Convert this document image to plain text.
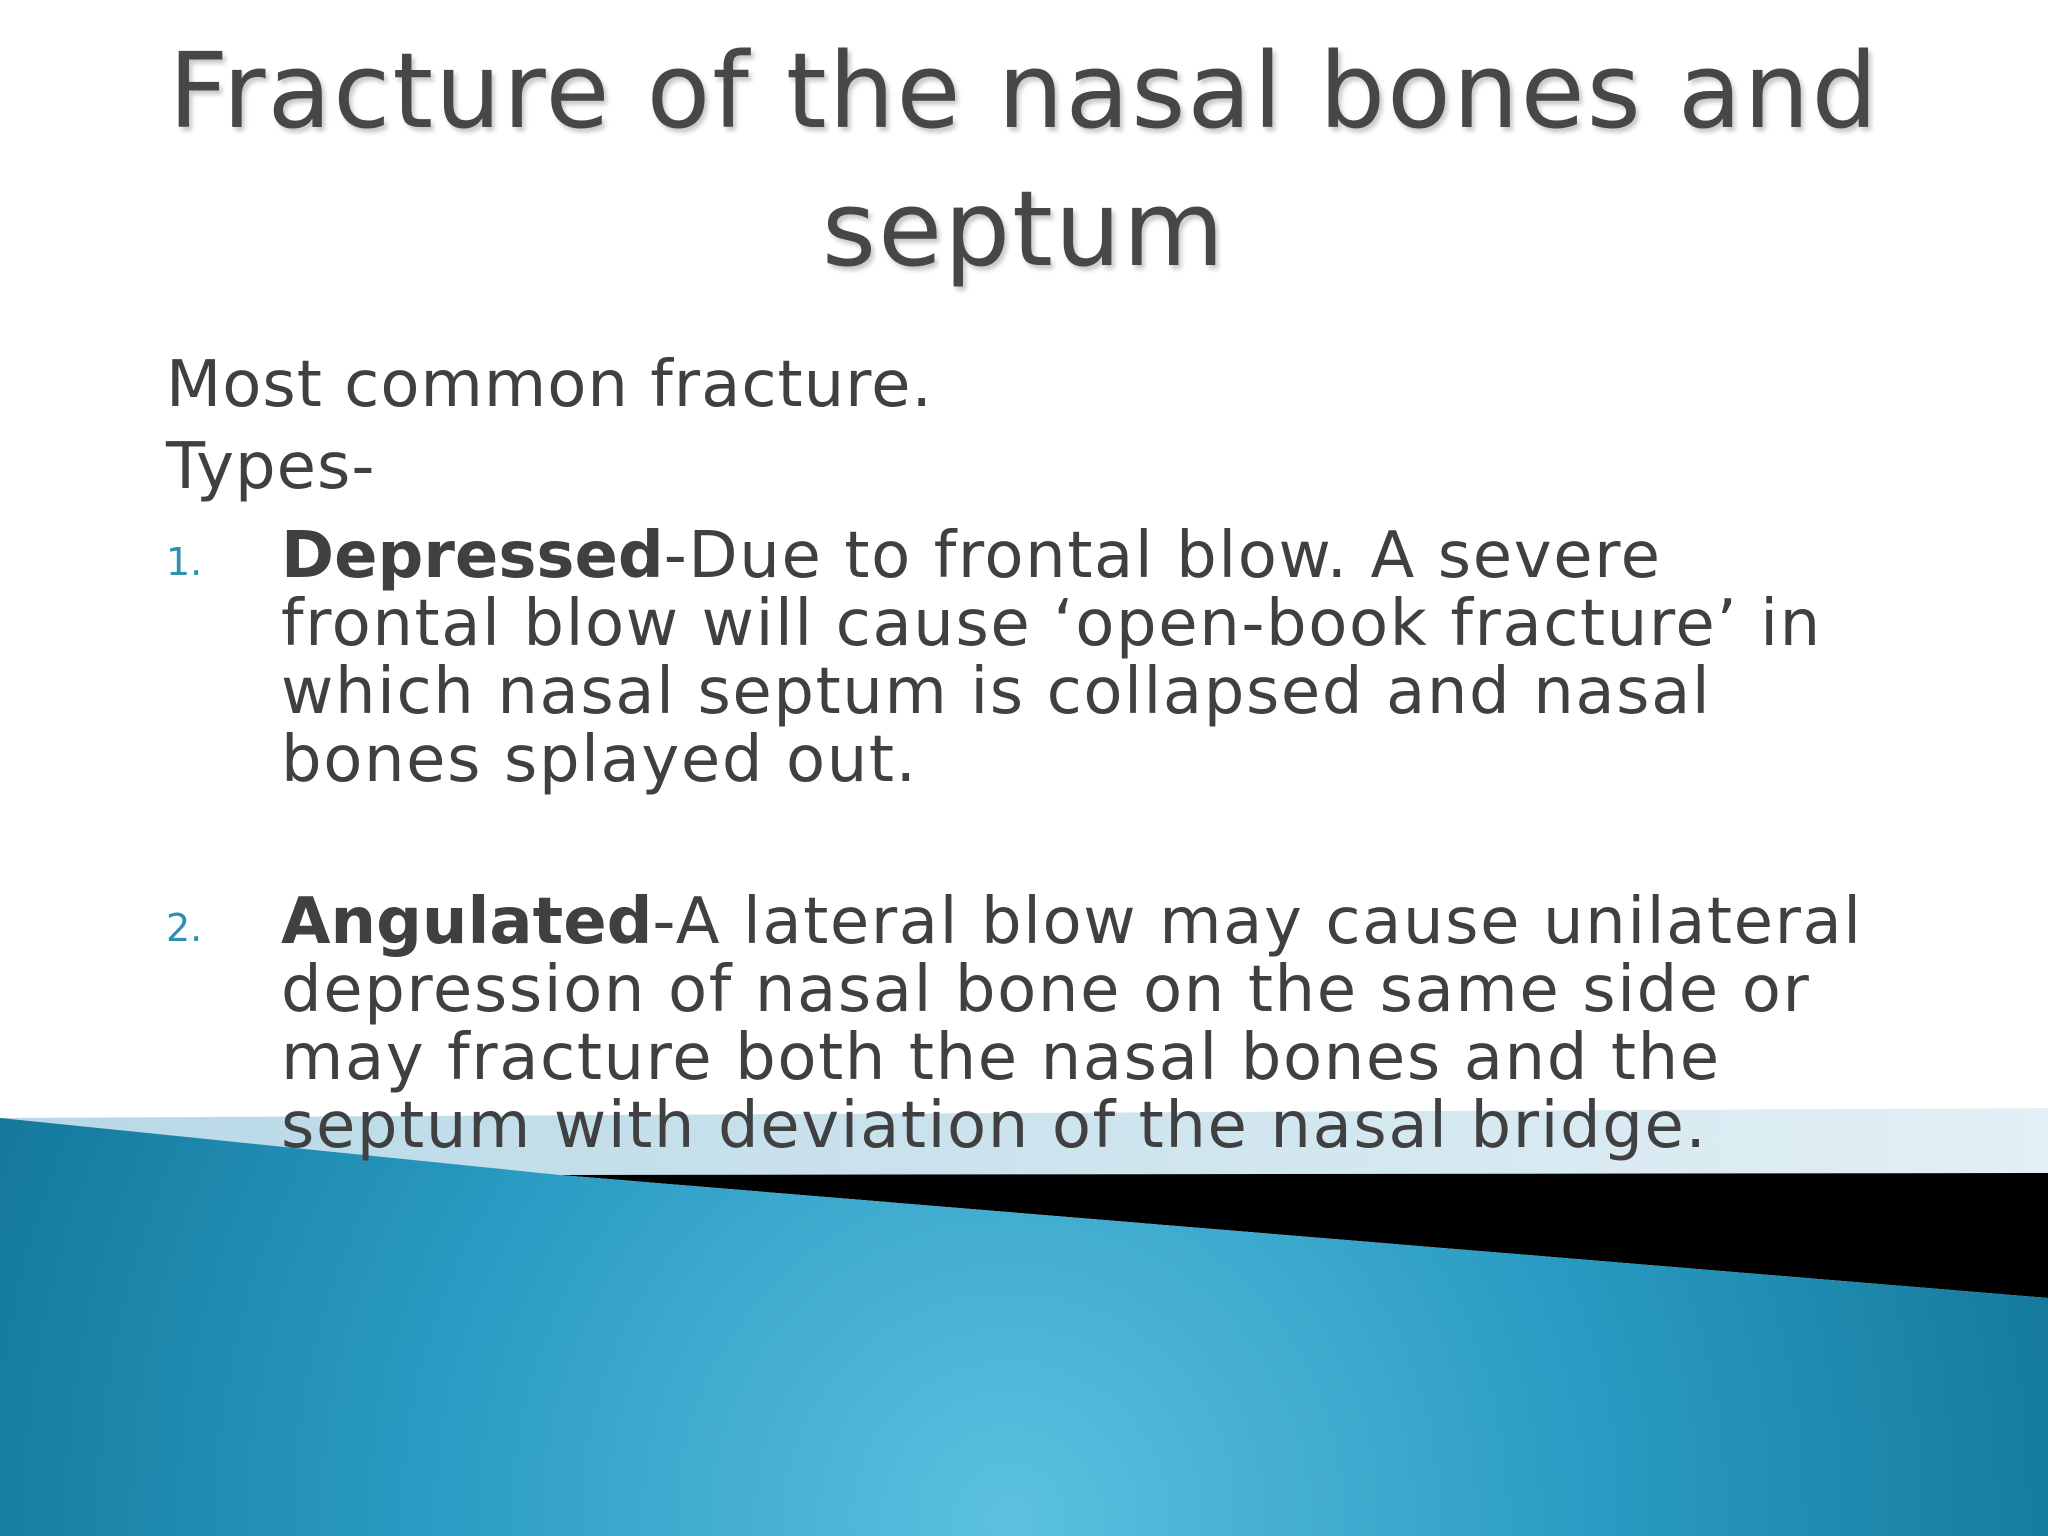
Fracture of the nasal bones and septum
Most common fracture.
Types-
1. Depressed-Due to frontal blow. A severe frontal blow will cause ‘open-book fracture’ in which nasal septum is collapsed and nasal bones splayed out.
2. Angulated-A lateral blow may cause unilateral depression of nasal bone on the same side or may fracture both the nasal bones and the septum with deviation of the nasal bridge.
